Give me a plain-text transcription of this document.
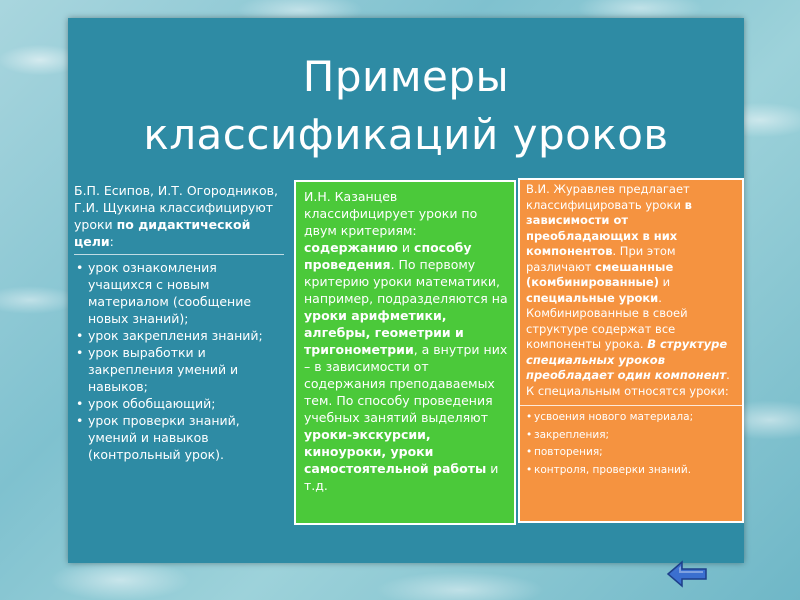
Примеры
классификаций уроков
Б.П. Есипов, И.Т. Огородников, Г.И. Щукина классифицируют уроки по дидактической цели:
• урок ознакомления учащихся с новым материалом (сообщение новых знаний);
• урок закрепления знаний;
• урок выработки и закрепления умений и навыков;
• урок обобщающий;
• урок проверки знаний, умений и навыков (контрольный урок).
И.Н. Казанцев классифицирует уроки по двум критериям: содержанию и способу проведения. По первому критерию уроки математики, например, подразделяются на уроки арифметики, алгебры, геометрии и тригонометрии, а внутри них – в зависимости от содержания преподаваемых тем. По способу проведения учебных занятий выделяют уроки-экскурсии, киноуроки, уроки самостоятельной работы и т.д.
В.И. Журавлев предлагает классифицировать уроки в зависимости от преобладающих в них компонентов. При этом различают смешанные (комбинированные) и специальные уроки. Комбинированные в своей структуре содержат все компоненты урока. В структуре специальных уроков преобладает один компонент. К специальным относятся уроки:
• усвоения нового материала;
• закрепления;
• повторения;
• контроля, проверки знаний.
